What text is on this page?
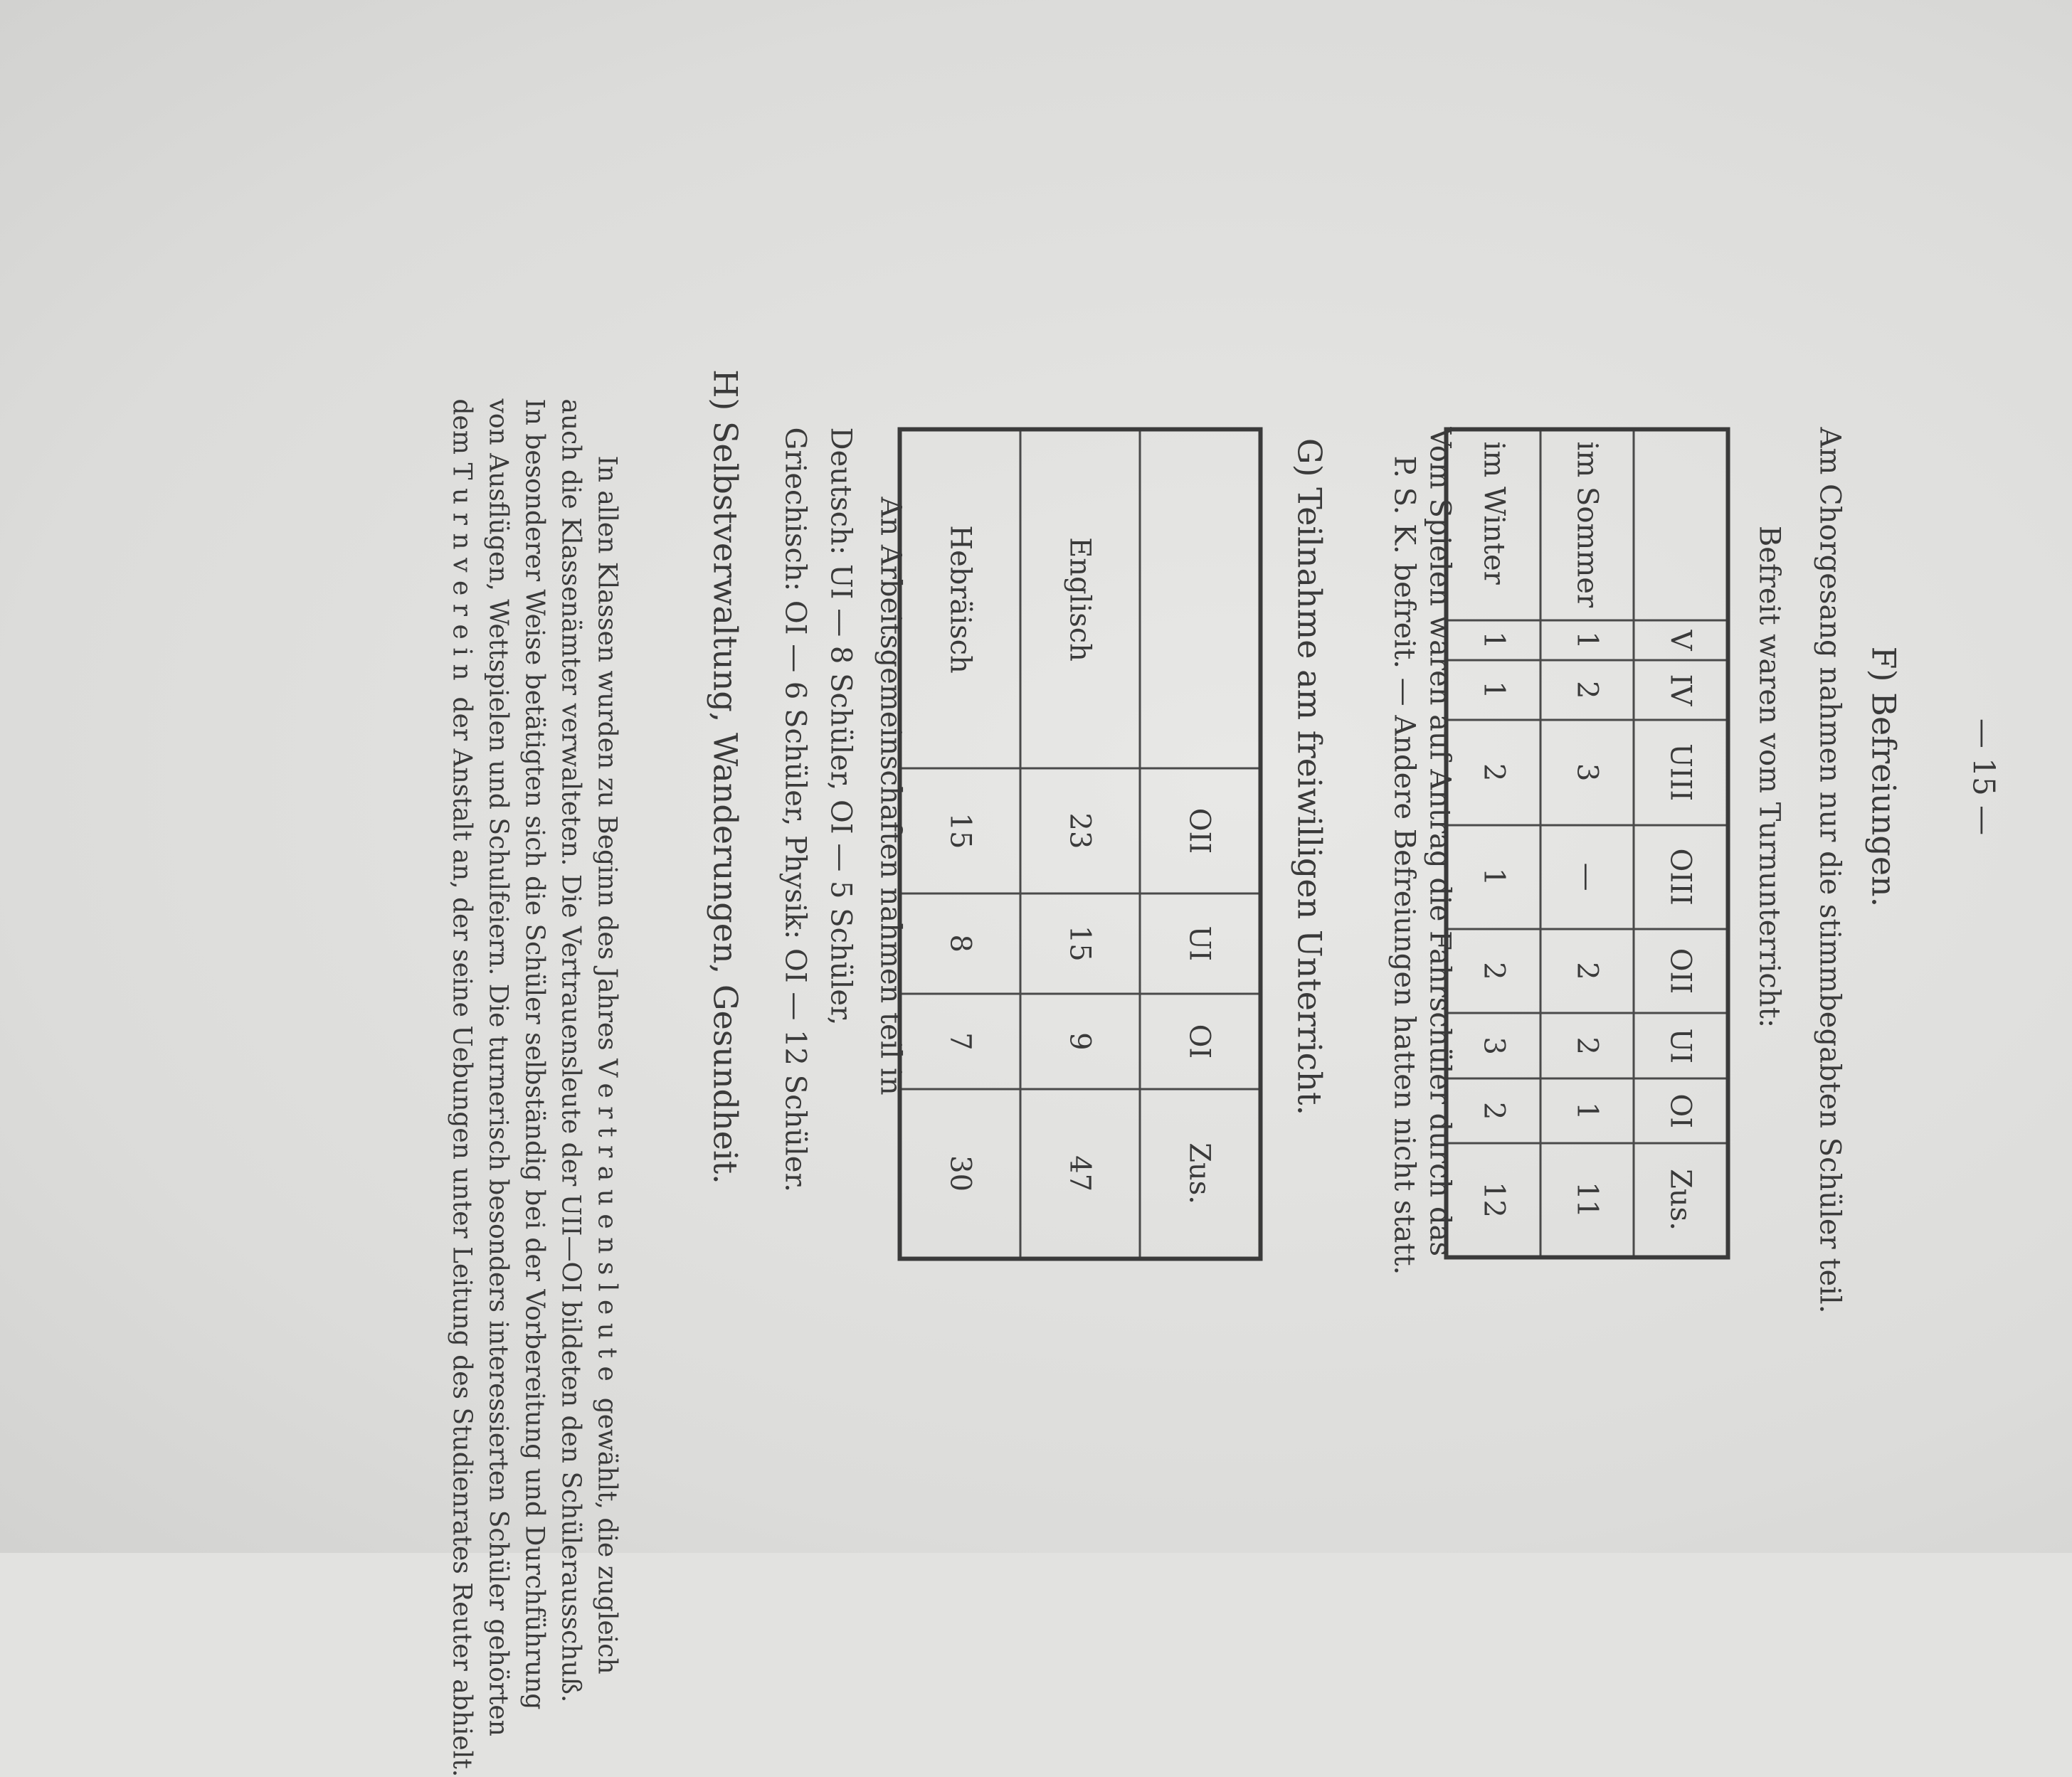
— 15 —
F) Befreiungen.
Am Chorgesang nahmen nur die stimmbegabten Schüler teil.
Befreit waren vom Turnunterricht:
	V	IV	UIII	OIII	OII	UI	OI	Zus.
im Sommer	1	2	3	—	2	2	1	11
im Winter	1	1	2	1	2	3	2	12
Vom Spielen waren auf Antrag die Fahrschüler durch das
P. S. K. befreit. — Andere Befreiungen hatten nicht statt.
G) Teilnahme am freiwilligen Unterricht.
	OII	UI	OI	Zus.
Englisch	23	15	9	47
Hebräisch	15	8	7	30
An Arbeitsgemeinschaften nahmen teil in
Deutsch: UI — 8 Schüler, OI — 5 Schüler,
Griechisch: OI — 6 Schüler, Physik: OI — 12 Schüler.
H) Selbstverwaltung, Wanderungen, Gesundheit.
In allen Klassen wurden zu Beginn des Jahres Vertrauensleute gewählt, die zugleich
auch die Klassenämter verwalteten. Die Vertrauensleute der UII—OI bildeten den Schülerausschuß.
In besonderer Weise betätigten sich die Schüler selbständig bei der Vorbereitung und Durchführung
von Ausflügen, Wettspielen und Schulfeiern. Die turnerisch besonders interessierten Schüler gehörten
dem Turnverein der Anstalt an, der seine Uebungen unter Leitung des Studienrates Reuter abhielt.
